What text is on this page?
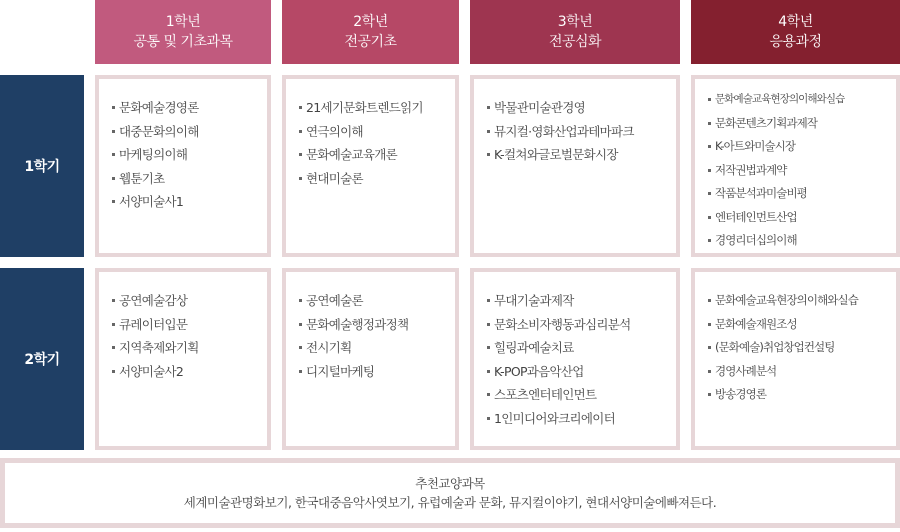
1학년
공통 및 기초과목
2학년
전공기초
3학년
전공심화
4학년
응용과정
1학기
문화예술경영론
대중문화의이해
마케팅의이해
웹툰기초
서양미술사1
21세기문화트렌드읽기
연극의이해
문화예술교육개론
현대미술론
박물관미술관경영
뮤지컬·영화산업과테마파크
K-컬쳐와글로벌문화시장
문화예술교육현장의이해와실습
문화콘텐츠기획과제작
K-아트와미술시장
저작권법과계약
작품분석과미술비평
엔터테인먼트산업
경영리더십의이해
2학기
공연예술감상
큐레이터입문
지역축제와기획
서양미술사2
공연예술론
문화예술행정과정책
전시기획
디지털마케팅
무대기술과제작
문화소비자행동과심리분석
힐링과예술치료
K-POP과음악산업
스포츠엔터테인먼트
1인미디어와크리에이터
문화예술교육현장의이해와실습
문화예술재원조성
(문화예술)취업창업컨설팅
경영사례분석
방송경영론
추천교양과목
세계미술관명화보기, 한국대중음악사엿보기, 유럽예술과 문화, 뮤지컬이야기, 현대서양미술에빠져든다.
